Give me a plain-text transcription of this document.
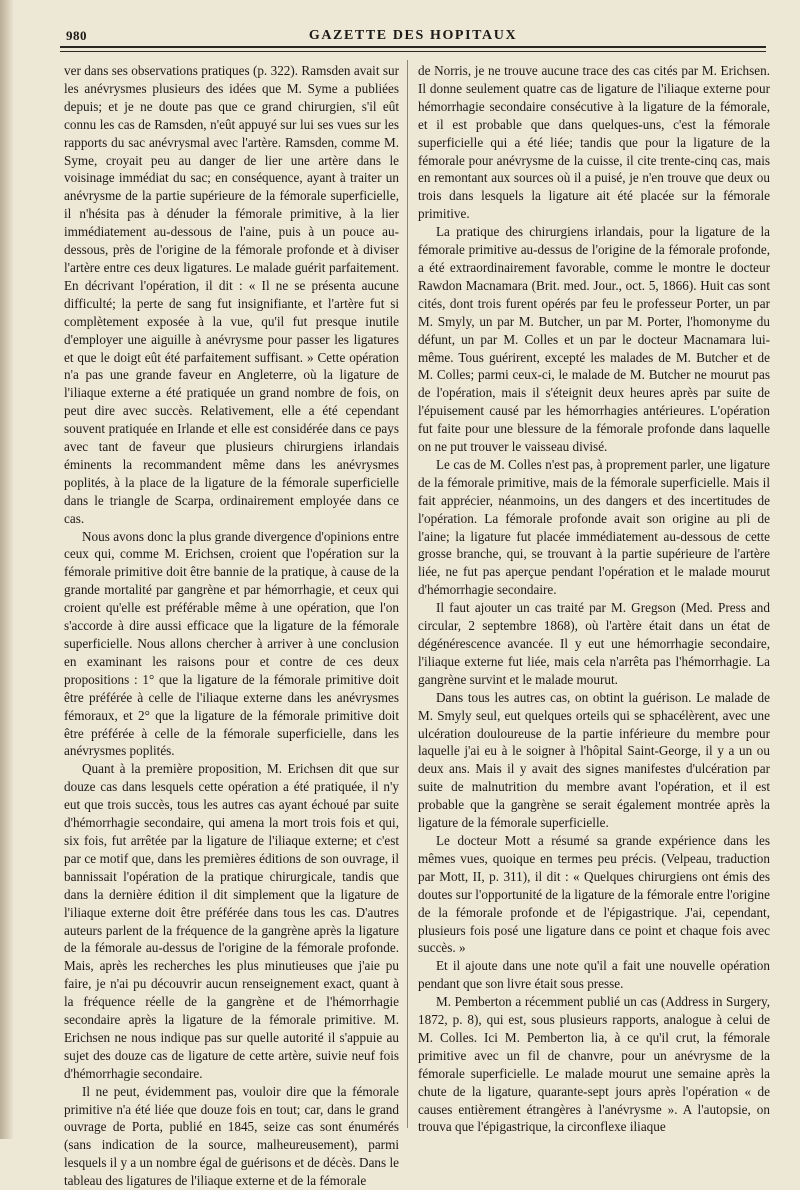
980	GAZETTE DES HOPITAUX

ver dans ses observations pratiques (p. 322). Ramsden avait sur les anévrysmes plusieurs des idées que M. Syme a publiées depuis; et je ne doute pas que ce grand chirurgien, s'il eût connu les cas de Ramsden, n'eût appuyé sur lui ses vues sur les rapports du sac anévrysmal avec l'artère. Ramsden, comme M. Syme, croyait peu au danger de lier une artère dans le voisinage immédiat du sac; en conséquence, ayant à traiter un anévrysme de la partie supérieure de la fémorale superficielle, il n'hésita pas à dénuder la fémorale primitive, à la lier immédiatement au-dessous de l'aine, puis à un pouce au-dessous, près de l'origine de la fémorale profonde et à diviser l'artère entre ces deux ligatures. Le malade guérit parfaitement. En décrivant l'opération, il dit : « Il ne se présenta aucune difficulté; la perte de sang fut insignifiante, et l'artère fut si complètement exposée à la vue, qu'il fut presque inutile d'employer une aiguille à anévrysme pour passer les ligatures et que le doigt eût été parfaitement suffisant. » Cette opération n'a pas une grande faveur en Angleterre, où la ligature de l'iliaque externe a été pratiquée un grand nombre de fois, on peut dire avec succès. Relativement, elle a été cependant souvent pratiquée en Irlande et elle est considérée dans ce pays avec tant de faveur que plusieurs chirurgiens irlandais éminents la recommandent même dans les anévrysmes poplités, à la place de la ligature de la fémorale superficielle dans le triangle de Scarpa, ordinairement employée dans ce cas.

Nous avons donc la plus grande divergence d'opinions entre ceux qui, comme M. Erichsen, croient que l'opération sur la fémorale primitive doit être bannie de la pratique, à cause de la grande mortalité par gangrène et par hémorrhagie, et ceux qui croient qu'elle est préférable même à une opération, que l'on s'accorde à dire aussi efficace que la ligature de la fémorale superficielle. Nous allons chercher à arriver à une conclusion en examinant les raisons pour et contre de ces deux propositions : 1° que la ligature de la fémorale primitive doit être préférée à celle de l'iliaque externe dans les anévrysmes fémoraux, et 2° que la ligature de la fémorale primitive doit être préférée à celle de la fémorale superficielle, dans les anévrysmes poplités.

Quant à la première proposition, M. Erichsen dit que sur douze cas dans lesquels cette opération a été pratiquée, il n'y eut que trois succès, tous les autres cas ayant échoué par suite d'hémorrhagie secondaire, qui amena la mort trois fois et qui, six fois, fut arrêtée par la ligature de l'iliaque externe; et c'est par ce motif que, dans les premières éditions de son ouvrage, il bannissait l'opération de la pratique chirurgicale, tandis que dans la dernière édition il dit simplement que la ligature de l'iliaque externe doit être préférée dans tous les cas. D'autres auteurs parlent de la fréquence de la gangrène après la ligature de la fémorale au-dessus de l'origine de la fémorale profonde. Mais, après les recherches les plus minutieuses que j'aie pu faire, je n'ai pu découvrir aucun renseignement exact, quant à la fréquence réelle de la gangrène et de l'hémorrhagie secondaire après la ligature de la fémorale primitive. M. Erichsen ne nous indique pas sur quelle autorité il s'appuie au sujet des douze cas de ligature de cette artère, suivie neuf fois d'hémorrhagie secondaire.

Il ne peut, évidemment pas, vouloir dire que la fémorale primitive n'a été liée que douze fois en tout; car, dans le grand ouvrage de Porta, publié en 1845, seize cas sont énumérés (sans indication de la source, malheureusement), parmi lesquels il y a un nombre égal de guérisons et de décès. Dans le tableau des ligatures de l'iliaque externe et de la fémorale

de Norris, je ne trouve aucune trace des cas cités par M. Erichsen. Il donne seulement quatre cas de ligature de l'iliaque externe pour hémorrhagie secondaire consécutive à la ligature de la fémorale, et il est probable que dans quelques-uns, c'est la fémorale superficielle qui a été liée; tandis que pour la ligature de la fémorale pour anévrysme de la cuisse, il cite trente-cinq cas, mais en remontant aux sources où il a puisé, je n'en trouve que deux ou trois dans lesquels la ligature ait été placée sur la fémorale primitive.

La pratique des chirurgiens irlandais, pour la ligature de la fémorale primitive au-dessus de l'origine de la fémorale profonde, a été extraordinairement favorable, comme le montre le docteur Rawdon Macnamara (Brit. med. Jour., oct. 5, 1866). Huit cas sont cités, dont trois furent opérés par feu le professeur Porter, un par M. Smyly, un par M. Butcher, un par M. Porter, l'homonyme du défunt, un par M. Colles et un par le docteur Macnamara lui-même. Tous guérirent, excepté les malades de M. Butcher et de M. Colles; parmi ceux-ci, le malade de M. Butcher ne mourut pas de l'opération, mais il s'éteignit deux heures après par suite de l'épuisement causé par les hémorrhagies antérieures. L'opération fut faite pour une blessure de la fémorale profonde dans laquelle on ne put trouver le vaisseau divisé.

Le cas de M. Colles n'est pas, à proprement parler, une ligature de la fémorale primitive, mais de la fémorale superficielle. Mais il fait apprécier, néanmoins, un des dangers et des incertitudes de l'opération. La fémorale profonde avait son origine au pli de l'aine; la ligature fut placée immédiatement au-dessous de cette grosse branche, qui, se trouvant à la partie supérieure de l'artère liée, ne fut pas aperçue pendant l'opération et le malade mourut d'hémorrhagie secondaire.

Il faut ajouter un cas traité par M. Gregson (Med. Press and circular, 2 septembre 1868), où l'artère était dans un état de dégénérescence avancée. Il y eut une hémorrhagie secondaire, l'iliaque externe fut liée, mais cela n'arrêta pas l'hémorrhagie. La gangrène survint et le malade mourut.

Dans tous les autres cas, on obtint la guérison. Le malade de M. Smyly seul, eut quelques orteils qui se sphacélèrent, avec une ulcération douloureuse de la partie inférieure du membre pour laquelle j'ai eu à le soigner à l'hôpital Saint-George, il y a un ou deux ans. Mais il y avait des signes manifestes d'ulcération par suite de malnutrition du membre avant l'opération, et il est probable que la gangrène se serait également montrée après la ligature de la fémorale superficielle.

Le docteur Mott a résumé sa grande expérience dans les mêmes vues, quoique en termes peu précis. (Velpeau, traduction par Mott, II, p. 311), il dit : « Quelques chirurgiens ont émis des doutes sur l'opportunité de la ligature de la fémorale entre l'origine de la fémorale profonde et de l'épigastrique. J'ai, cependant, plusieurs fois posé une ligature dans ce point et chaque fois avec succès. »

Et il ajoute dans une note qu'il a fait une nouvelle opération pendant que son livre était sous presse.

M. Pemberton a récemment publié un cas (Address in Surgery, 1872, p. 8), qui est, sous plusieurs rapports, analogue à celui de M. Colles. Ici M. Pemberton lia, à ce qu'il crut, la fémorale primitive avec un fil de chanvre, pour un anévrysme de la fémorale superficielle. Le malade mourut une semaine après la chute de la ligature, quarante-sept jours après l'opération « de causes entièrement étrangères à l'anévrysme ». A l'autopsie, on trouva que l'épigastrique, la circonflexe iliaque
